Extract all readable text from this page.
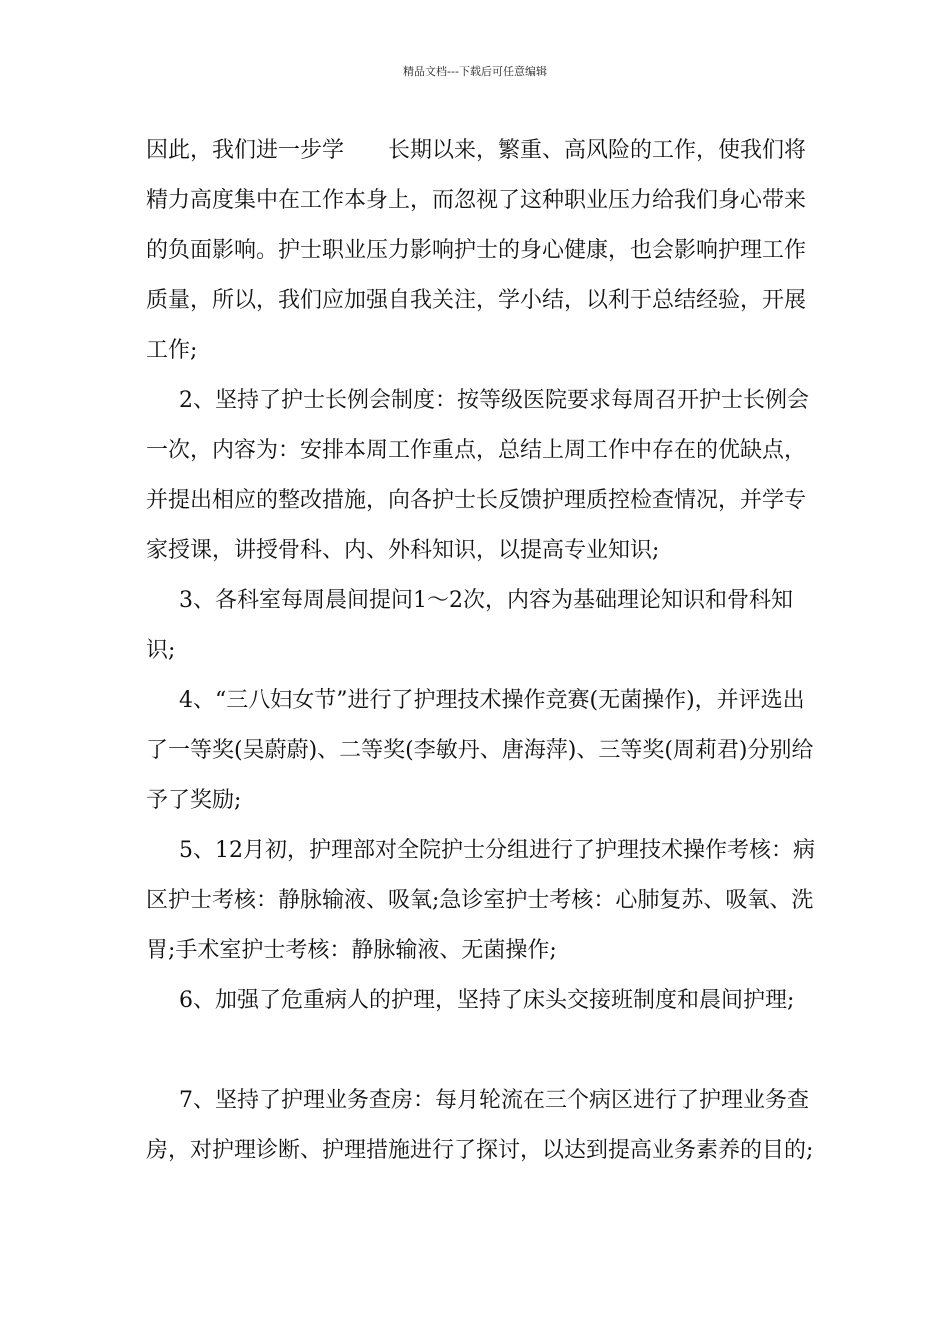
精品文档---下载后可任意编辑

因此，我们进一步学　　长期以来，繁重、高风险的工作，使我们将精力高度集中在工作本身上，而忽视了这种职业压力给我们身心带来的负面影响。护士职业压力影响护士的身心健康，也会影响护理工作质量，所以，我们应加强自我关注，学小结，以利于总结经验，开展工作;

2、坚持了护士长例会制度：按等级医院要求每周召开护士长例会一次，内容为：安排本周工作重点，总结上周工作中存在的优缺点，并提出相应的整改措施，向各护士长反馈护理质控检查情况，并学专家授课，讲授骨科、内、外科知识，以提高专业知识;

3、各科室每周晨间提问1～2次，内容为基础理论知识和骨科知识;

4、“三八妇女节”进行了护理技术操作竞赛(无菌操作)，并评选出了一等奖(吴蔚蔚)、二等奖(李敏丹、唐海萍)、三等奖(周莉君)分别给予了奖励;

5、12月初，护理部对全院护士分组进行了护理技术操作考核：病区护士考核：静脉输液、吸氧;急诊室护士考核：心肺复苏、吸氧、洗胃;手术室护士考核：静脉输液、无菌操作;

6、加强了危重病人的护理，坚持了床头交接班制度和晨间护理;

7、坚持了护理业务查房：每月轮流在三个病区进行了护理业务查房，对护理诊断、护理措施进行了探讨，以达到提高业务素养的目的;
